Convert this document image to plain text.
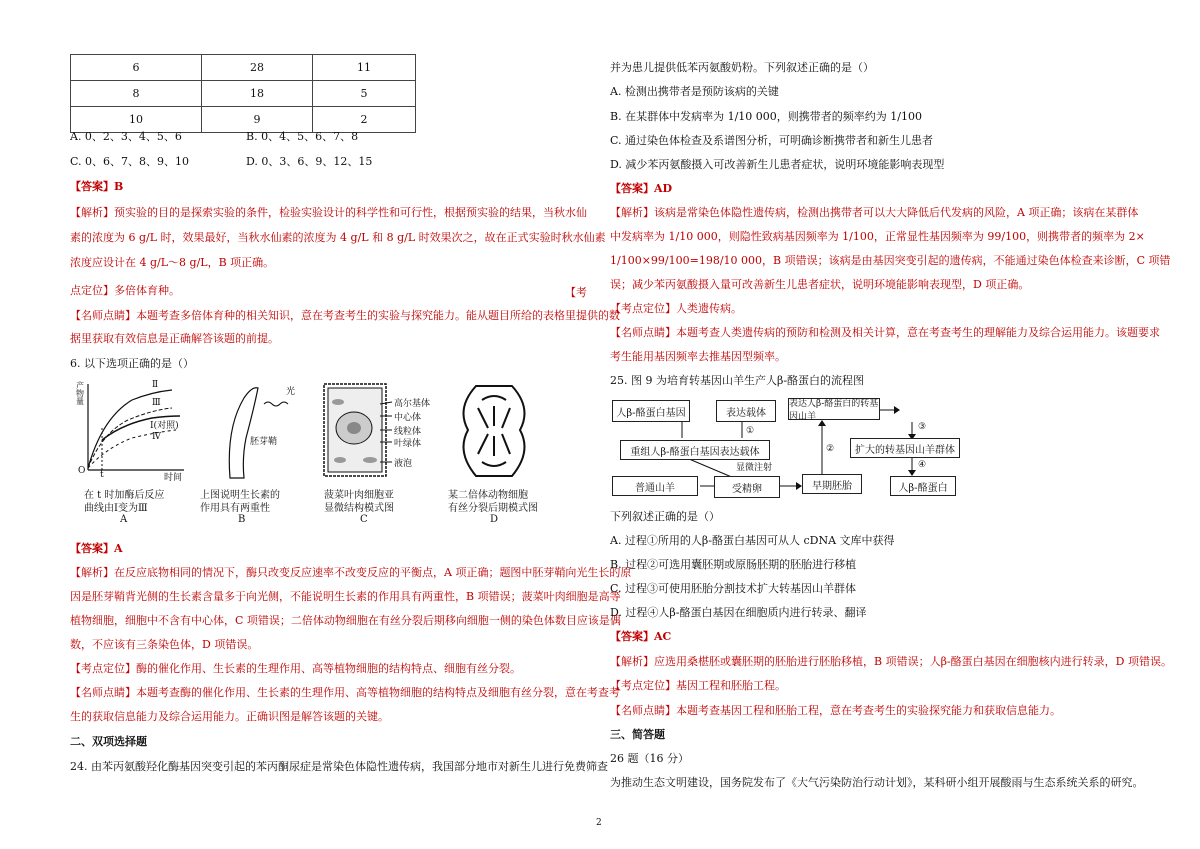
6	28	11
8	18	5
10	9	2
A. 0、2、3、4、5、6	B. 0、4、5、6、7、8
C. 0、6、7、8、9、10	D. 0、3、6、9、12、15
【答案】B
【解析】预实验的目的是探索实验的条件，检验实验设计的科学性和可行性，根据预实验的结果，当秋水仙
素的浓度为 6 g/L 时，效果最好，当秋水仙素的浓度为 4 g/L 和 8 g/L 时效果次之，故在正式实验时秋水仙素
浓度应设计在 4 g/L～8 g/L，B 项正确。
【考
点定位】多倍体育种。
【名师点睛】本题考查多倍体育种的相关知识，意在考查考生的实验与探究能力。能从题目所给的表格里提供的数
据里获取有效信息是正确解答该题的前提。
6. 以下选项正确的是（）
产物量
O t	时间
Ⅱ
Ⅲ
Ⅰ(对照)
Ⅳ
在 t 时加酶后反应
曲线由Ⅰ变为Ⅲ
A
光
胚芽鞘
上图说明生长素的
作用具有两重性
B
高尔基体
中心体
线粒体
叶绿体
液泡
菠菜叶肉细胞亚
显微结构模式图
C
某二倍体动物细胞
有丝分裂后期模式图
D
【答案】A
【解析】在反应底物相同的情况下，酶只改变反应速率不改变反应的平衡点，A 项正确；题图中胚芽鞘向光生长的原
因是胚芽鞘背光侧的生长素含量多于向光侧，不能说明生长素的作用具有两重性，B 项错误；菠菜叶肉细胞是高等
植物细胞，细胞中不含有中心体，C 项错误；二倍体动物细胞在有丝分裂后期移向细胞一侧的染色体数目应该是偶
数，不应该有三条染色体，D 项错误。
【考点定位】酶的催化作用、生长素的生理作用、高等植物细胞的结构特点、细胞有丝分裂。
【名师点睛】本题考查酶的催化作用、生长素的生理作用、高等植物细胞的结构特点及细胞有丝分裂，意在考查考
生的获取信息能力及综合运用能力。正确识图是解答该题的关键。
二、双项选择题
24. 由苯丙氨酸羟化酶基因突变引起的苯丙酮尿症是常染色体隐性遗传病，我国部分地市对新生儿进行免费筛查
并为患儿提供低苯丙氨酸奶粉。下列叙述正确的是（）
A. 检测出携带者是预防该病的关键
B. 在某群体中发病率为 1/10 000，则携带者的频率约为 1/100
C. 通过染色体检查及系谱图分析，可明确诊断携带者和新生儿患者
D. 减少苯丙氨酸摄入可改善新生儿患者症状，说明环境能影响表现型
【答案】AD
【解析】该病是常染色体隐性遗传病，检测出携带者可以大大降低后代发病的风险，A 项正确；该病在某群体
中发病率为 1/10 000，则隐性致病基因频率为 1/100，正常显性基因频率为 99/100，则携带者的频率为 2×
1/100×99/100=198/10 000，B 项错误；该病是由基因突变引起的遗传病，不能通过染色体检查来诊断，C 项错
误；减少苯丙氨酸摄入量可改善新生儿患者症状，说明环境能影响表现型，D 项正确。
【考点定位】人类遗传病。
【名师点睛】本题考查人类遗传病的预防和检测及相关计算，意在考查考生的理解能力及综合运用能力。该题要求
考生能用基因频率去推基因型频率。
25. 图 9 为培育转基因山羊生产人β-酪蛋白的流程图
人β-酪蛋白基因	表达载体
重组人β-酪蛋白基因表达载体
普通山羊	受精卵	早期胚胎
表达人β-酪蛋白的转基因山羊
扩大的转基因山羊群体
人β-酪蛋白
①
显微注射
②
③
④
下列叙述正确的是（）
A. 过程①所用的人β-酪蛋白基因可从人 cDNA 文库中获得
B. 过程②可选用囊胚期或原肠胚期的胚胎进行移植
C. 过程③可使用胚胎分割技术扩大转基因山羊群体
D. 过程④人β-酪蛋白基因在细胞质内进行转录、翻译
【答案】AC
【解析】应选用桑椹胚或囊胚期的胚胎进行胚胎移植，B 项错误；人β-酪蛋白基因在细胞核内进行转录，D 项错误。
【考点定位】基因工程和胚胎工程。
【名师点睛】本题考查基因工程和胚胎工程，意在考查考生的实验探究能力和获取信息能力。
三、简答题
26 题（16 分）
为推动生态文明建设，国务院发布了《大气污染防治行动计划》，某科研小组开展酸雨与生态系统关系的研究。
2
